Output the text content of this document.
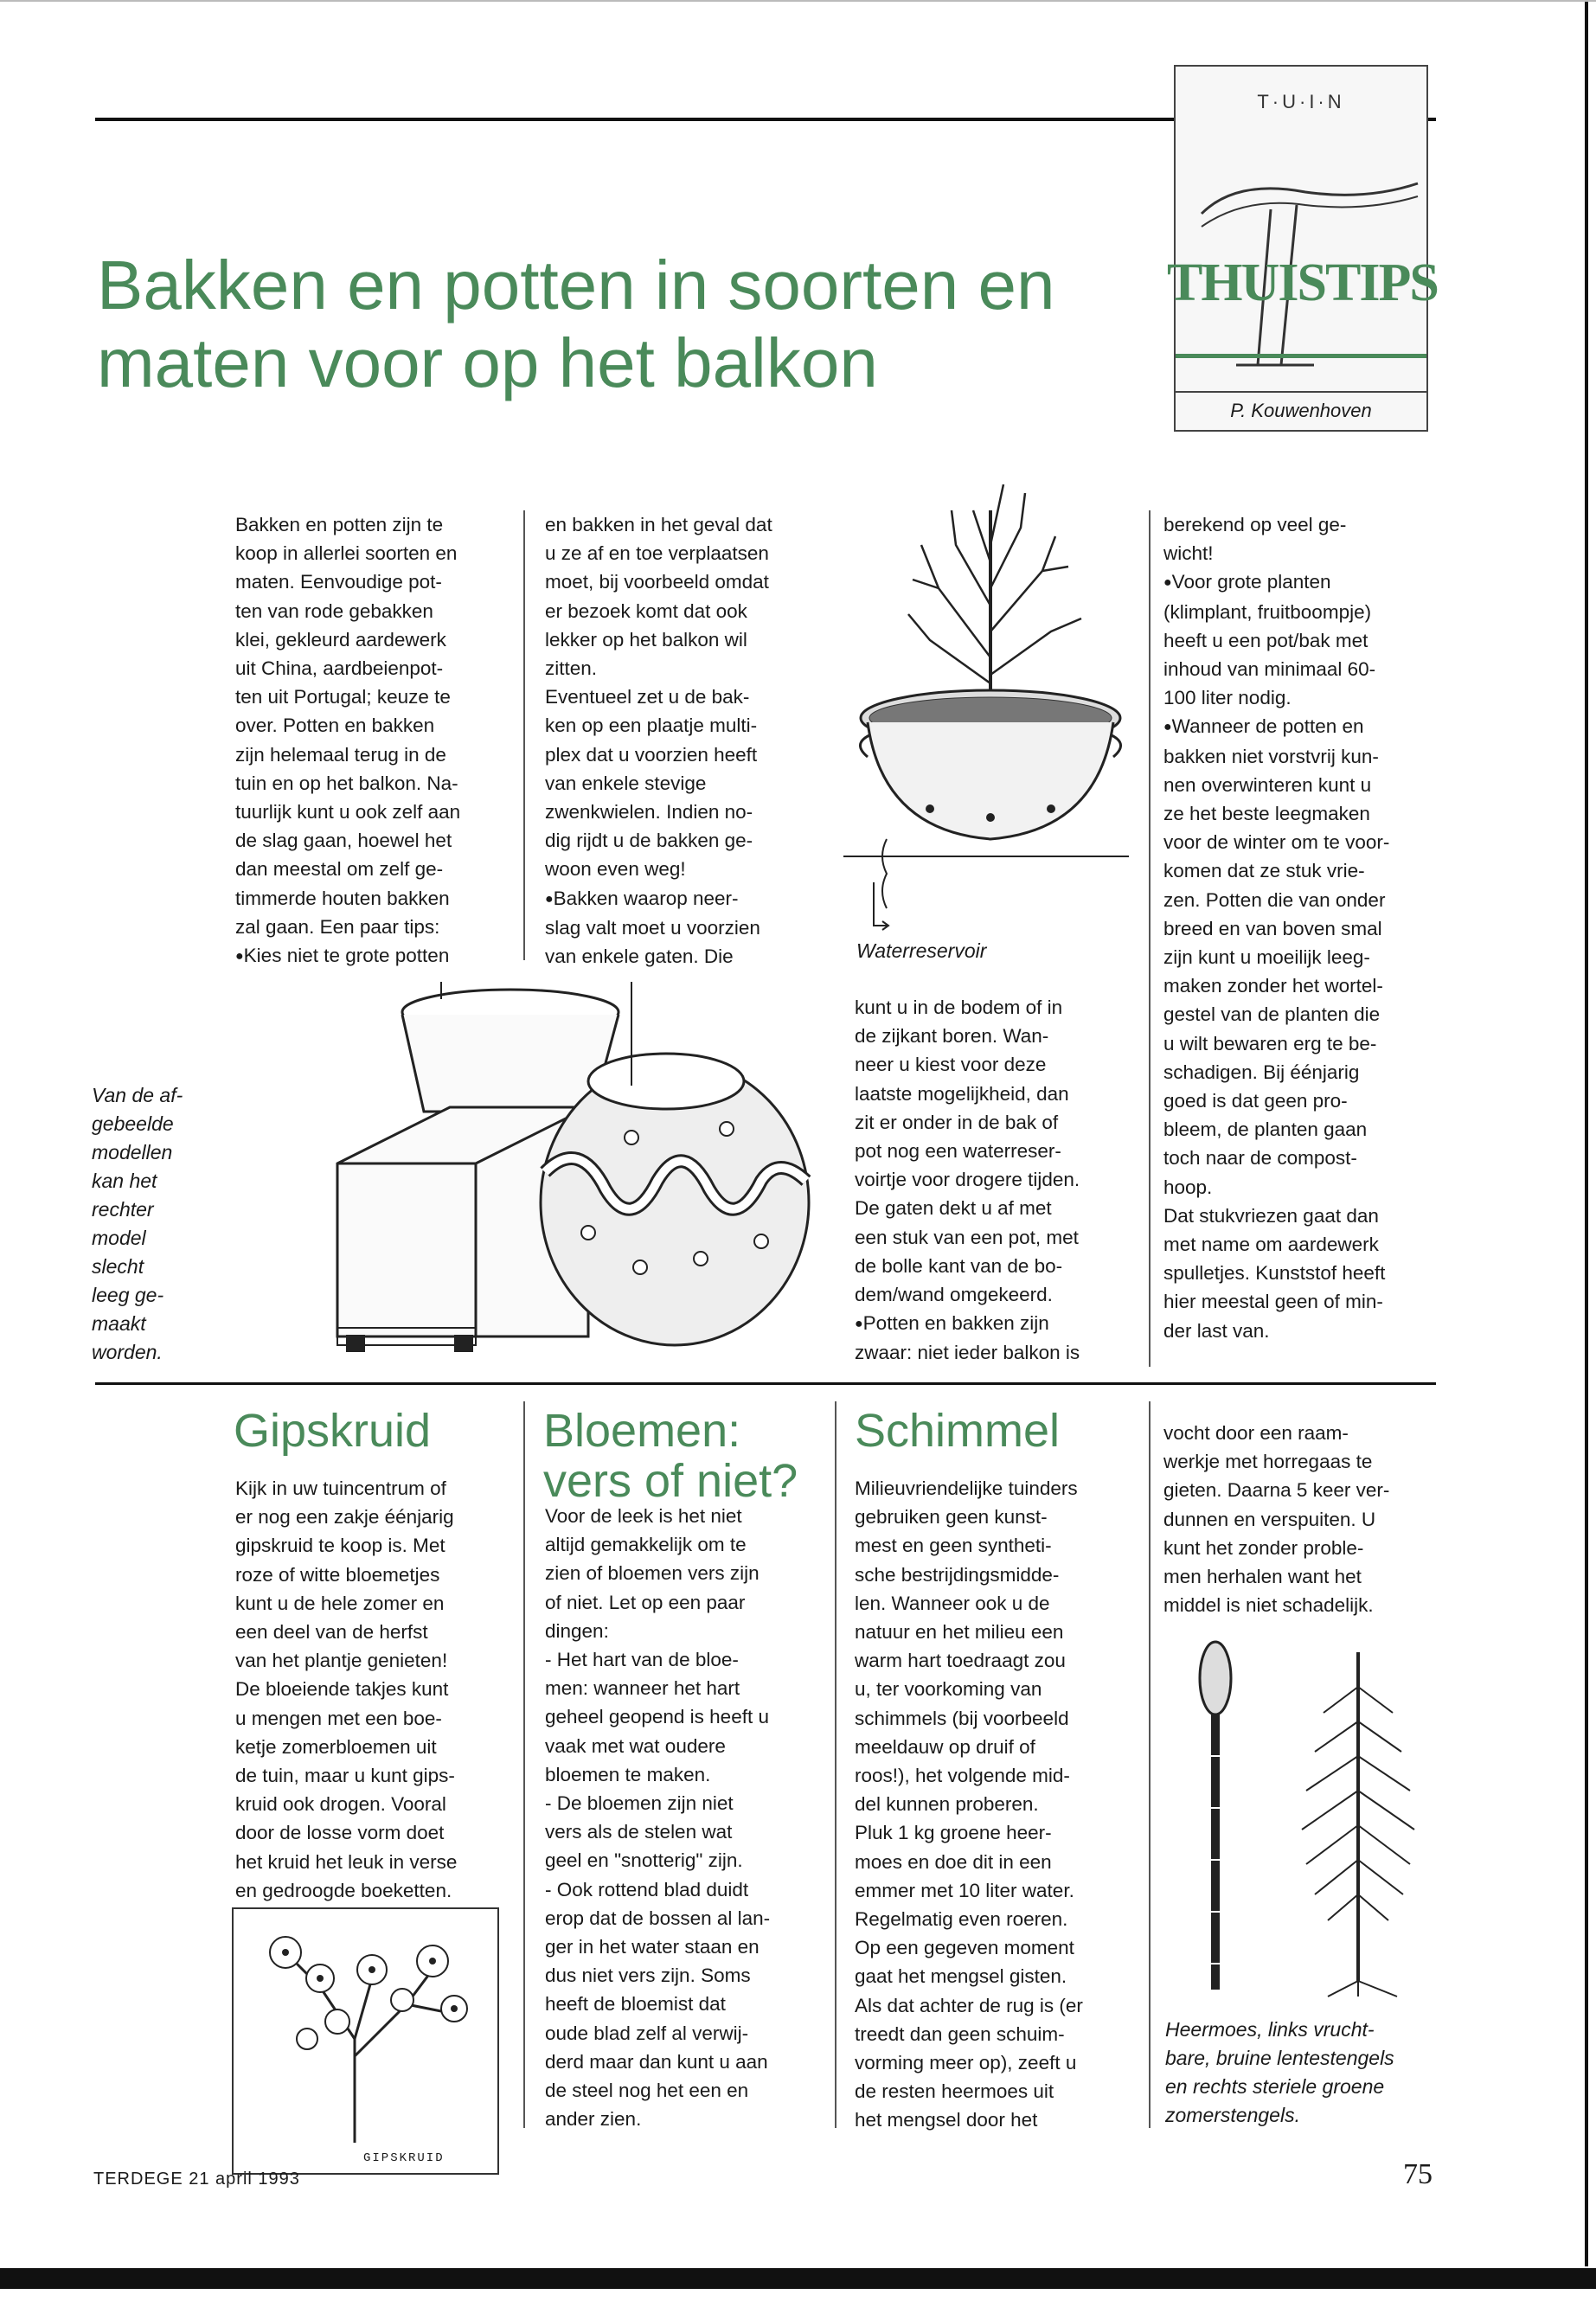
T·U·I·N
THUISTIPS
P. Kouwenhoven
Bakken en potten in soorten en
maten voor op het balkon

Bakken en potten zijn te

koop in allerlei soorten en

maten. Eenvoudige pot-

ten van rode gebakken

klei, gekleurd aardewerk

uit China, aardbeienpot-

ten uit Portugal; keuze te

over. Potten en bakken

zijn helemaal terug in de

tuin en op het balkon. Na-

tuurlijk kunt u ook zelf aan

de slag gaan, hoewel het

dan meestal om zelf ge-

timmerde houten bakken

zal gaan. Een paar tips:

● Kies niet te grote potten

en bakken in het geval dat

u ze af en toe verplaatsen

moet, bij voorbeeld omdat

er bezoek komt dat ook

lekker op het balkon wil

zitten.

Eventueel zet u de bak-

ken op een plaatje multi-

plex dat u voorzien heeft

van enkele stevige

zwenkwielen. Indien no-

dig rijdt u de bakken ge-

woon even weg!

● Bakken waarop neer-

slag valt moet u voorzien

van enkele gaten. Die	Waterreservoir

kunt u in de bodem of in

de zijkant boren. Wan-

neer u kiest voor deze

laatste mogelijkheid, dan

zit er onder in de bak of

pot nog een waterreser-

voirtje voor drogere tijden.

De gaten dekt u af met

een stuk van een pot, met

de bolle kant van de bo-

dem/wand omgekeerd.

● Potten en bakken zijn

zwaar: niet ieder balkon is

berekend op veel ge-

wicht!

● Voor grote planten

(klimplant, fruitboompje)

heeft u een pot/bak met

inhoud van minimaal 60-

100 liter nodig.

● Wanneer de potten en

bakken niet vorstvrij kun-

nen overwinteren kunt u

ze het beste leegmaken

voor de winter om te voor-

komen dat ze stuk vrie-

zen. Potten die van onder

breed en van boven smal

zijn kunt u moeilijk leeg-

maken zonder het wortel-

gestel van de planten die

u wilt bewaren erg te be-

schadigen. Bij éénjarig

goed is dat geen pro-

bleem, de planten gaan

toch naar de compost-

hoop.

Dat stukvriezen gaat dan

met name om aardewerk

spulletjes. Kunststof heeft

hier meestal geen of min-

der last van.

Van de af-
gebeelde
modellen
kan het
rechter
model
slecht
leeg ge-
maakt
worden.
Gipskruid

Kijk in uw tuincentrum of

er nog een zakje éénjarig

gipskruid te koop is. Met

roze of witte bloemetjes

kunt u de hele zomer en

een deel van de herfst

van het plantje genieten!

De bloeiende takjes kunt

u mengen met een boe-

ketje zomerbloemen uit

de tuin, maar u kunt gips-

kruid ook drogen. Vooral

door de losse vorm doet

het kruid het leuk in verse

en gedroogde boeketten.

GIPSKRUID
Bloemen:
vers of niet?

Voor de leek is het niet

altijd gemakkelijk om te

zien of bloemen vers zijn

of niet. Let op een paar

dingen:

- Het hart van de bloe-

men: wanneer het hart

geheel geopend is heeft u

vaak met wat oudere

bloemen te maken.

- De bloemen zijn niet

vers als de stelen wat

geel en "snotterig" zijn.

- Ook rottend blad duidt

erop dat de bossen al lan-

ger in het water staan en

dus niet vers zijn. Soms

heeft de bloemist dat

oude blad zelf al verwij-

derd maar dan kunt u aan

de steel nog het een en

ander zien.

Schimmel

Milieuvriendelijke tuinders

gebruiken geen kunst-

mest en geen syntheti-

sche bestrijdingsmidde-

len. Wanneer ook u de

natuur en het milieu een

warm hart toedraagt zou

u, ter voorkoming van

schimmels (bij voorbeeld

meeldauw op druif of

roos!), het volgende mid-

del kunnen proberen.

Pluk 1 kg groene heer-

moes en doe dit in een

emmer met 10 liter water.

Regelmatig even roeren.

Op een gegeven moment

gaat het mengsel gisten.

Als dat achter de rug is (er

treedt dan geen schuim-

vorming meer op), zeeft u

de resten heermoes uit

het mengsel door het

vocht door een raam-

werkje met horregaas te

gieten. Daarna 5 keer ver-

dunnen en verspuiten. U

kunt het zonder proble-

men herhalen want het

middel is niet schadelijk.

Heermoes, links vrucht-
bare, bruine lentestengels
en rechts steriele groene
zomerstengels.
TERDEGE 21 april 1993	75
